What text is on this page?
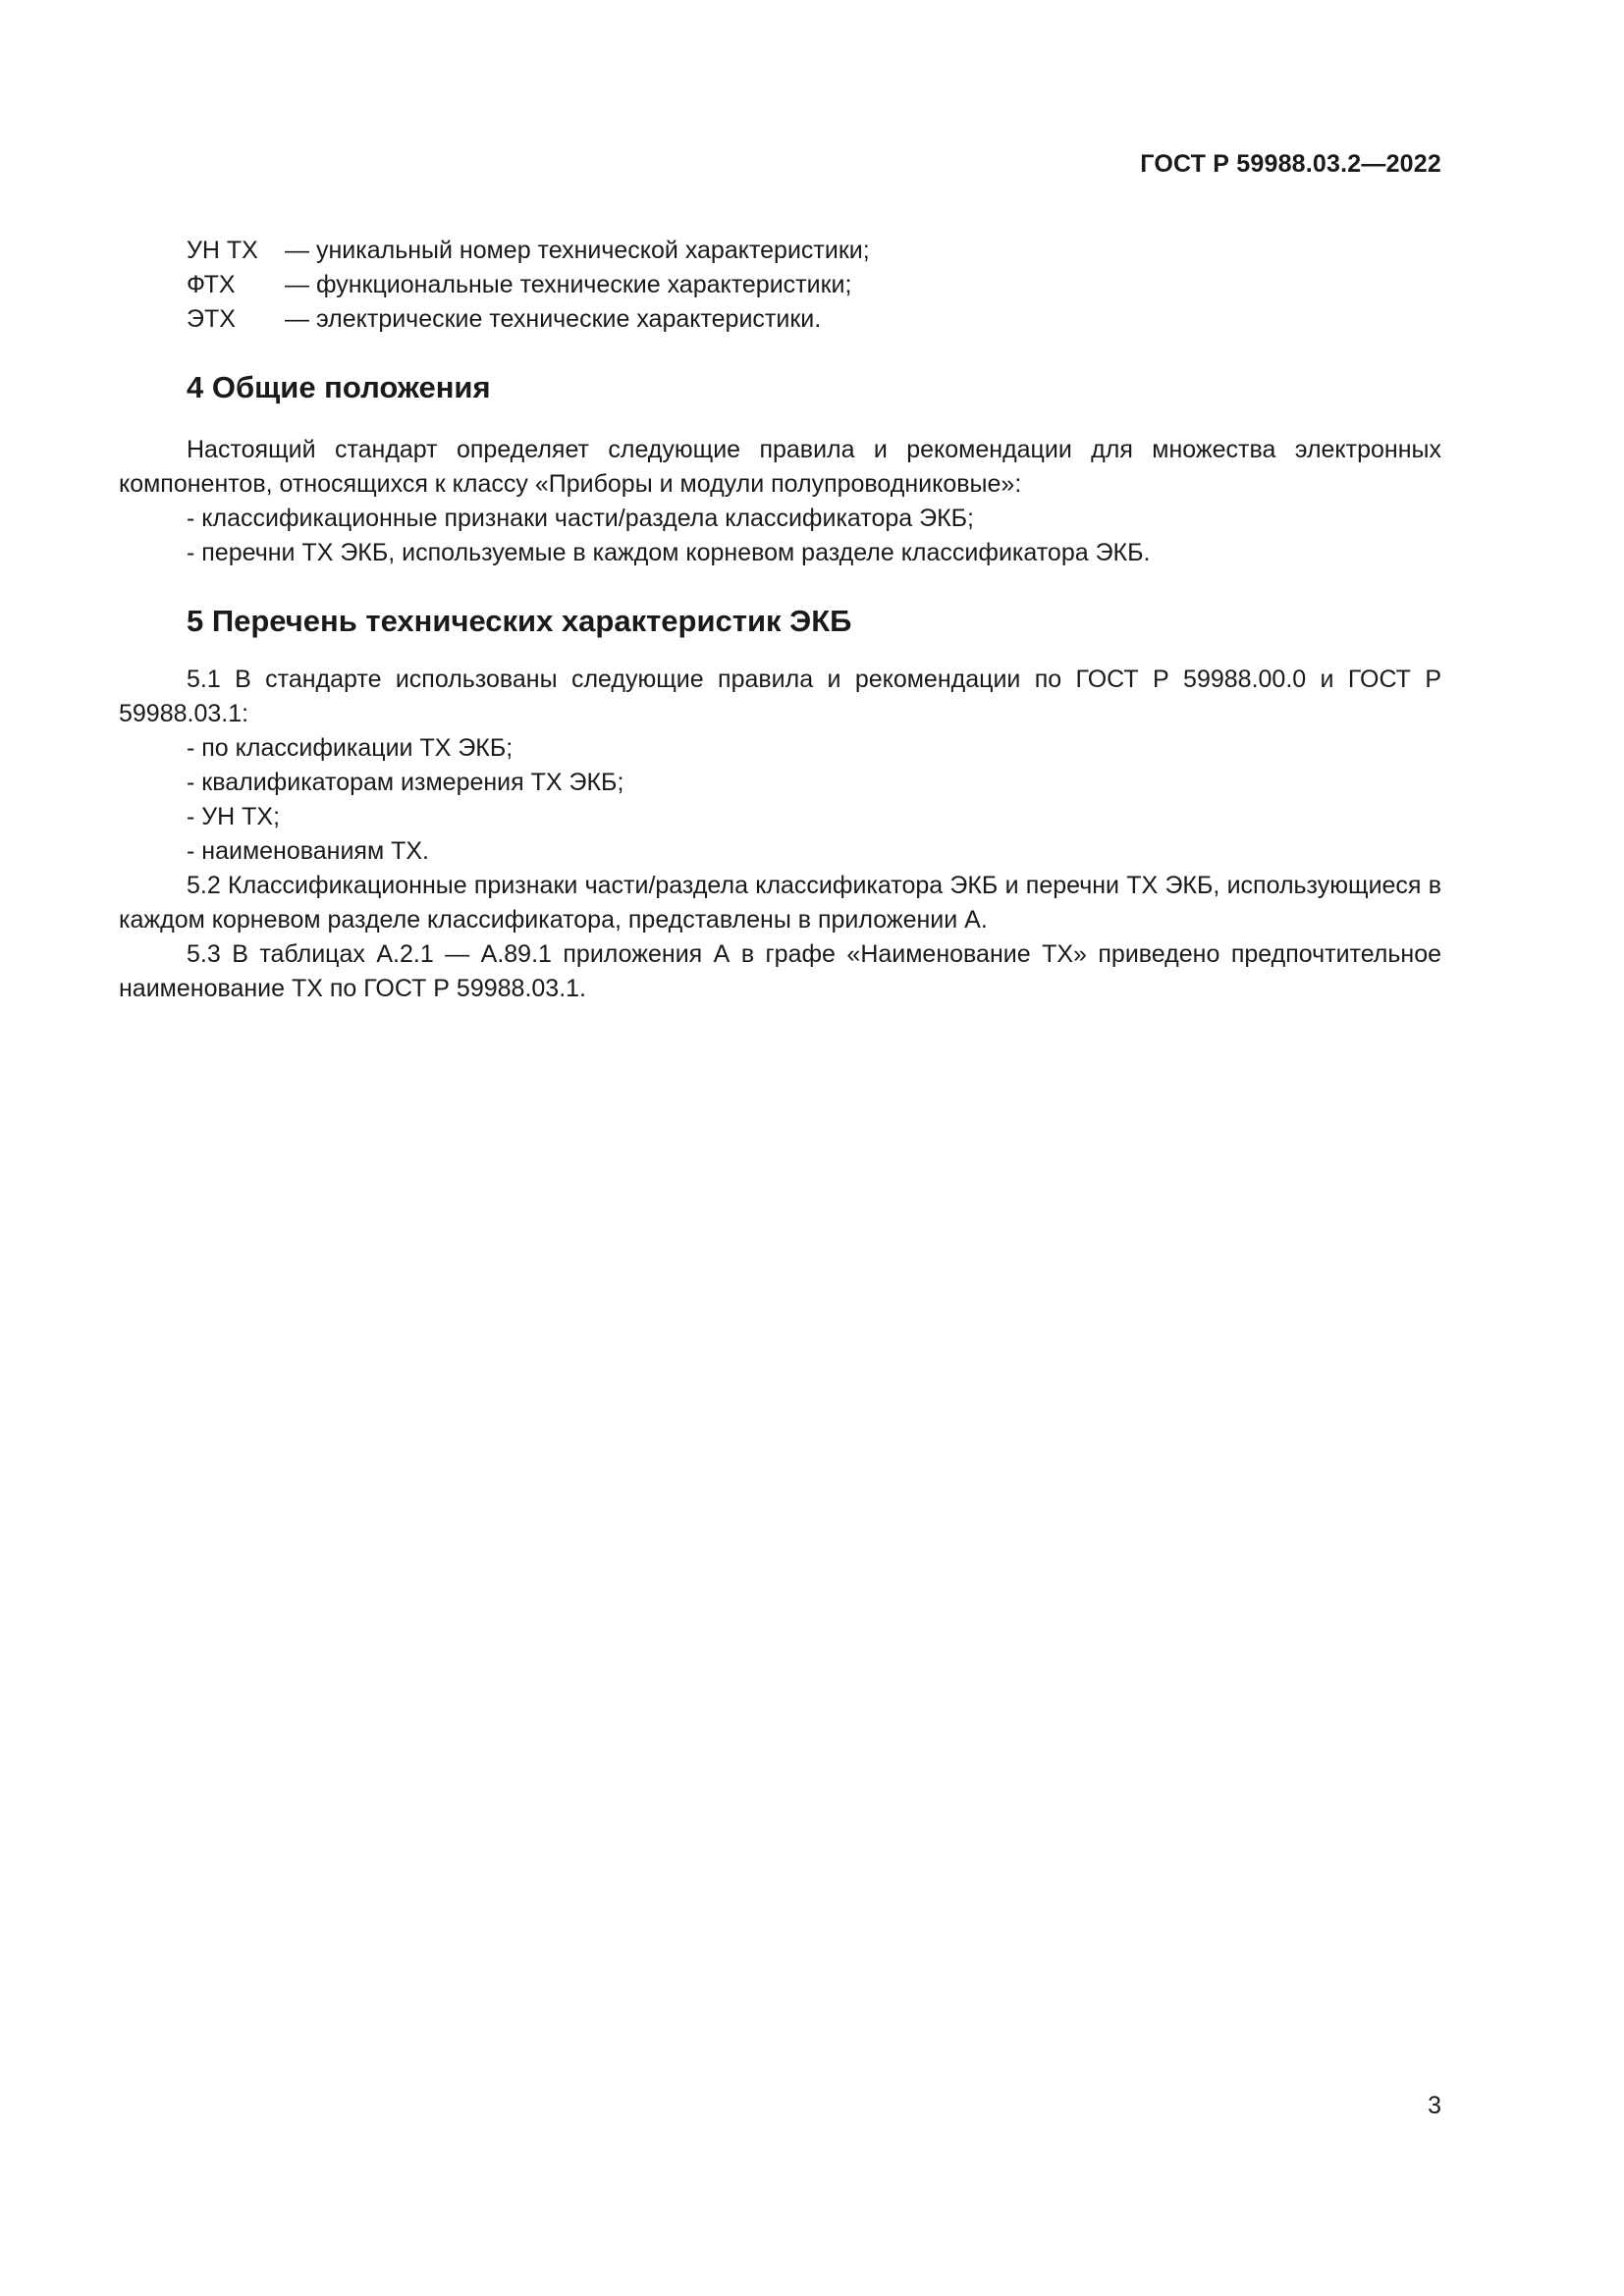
ГОСТ Р 59988.03.2—2022
УН ТХ	— уникальный номер технической характеристики;
ФТХ	— функциональные технические характеристики;
ЭТХ	— электрические технические характеристики.
4 Общие положения

Настоящий стандарт определяет следующие правила и рекомендации для множества электронных компонентов, относящихся к классу «Приборы и модули полупроводниковые»:

- классификационные признаки части/раздела классификатора ЭКБ;
- перечни ТХ ЭКБ, используемые в каждом корневом разделе классификатора ЭКБ.
5 Перечень технических характеристик ЭКБ

5.1 В стандарте использованы следующие правила и рекомендации по ГОСТ Р 59988.00.0 и ГОСТ Р 59988.03.1:

- по классификации ТХ ЭКБ;
- квалификаторам измерения ТХ ЭКБ;
- УН ТХ;
- наименованиям ТХ.

5.2 Классификационные признаки части/раздела классификатора ЭКБ и перечни ТХ ЭКБ, использующиеся в каждом корневом разделе классификатора, представлены в приложении А.

5.3 В таблицах А.2.1 — А.89.1 приложения А в графе «Наименование ТХ» приведено предпочтительное наименование ТХ по ГОСТ Р 59988.03.1.

3
